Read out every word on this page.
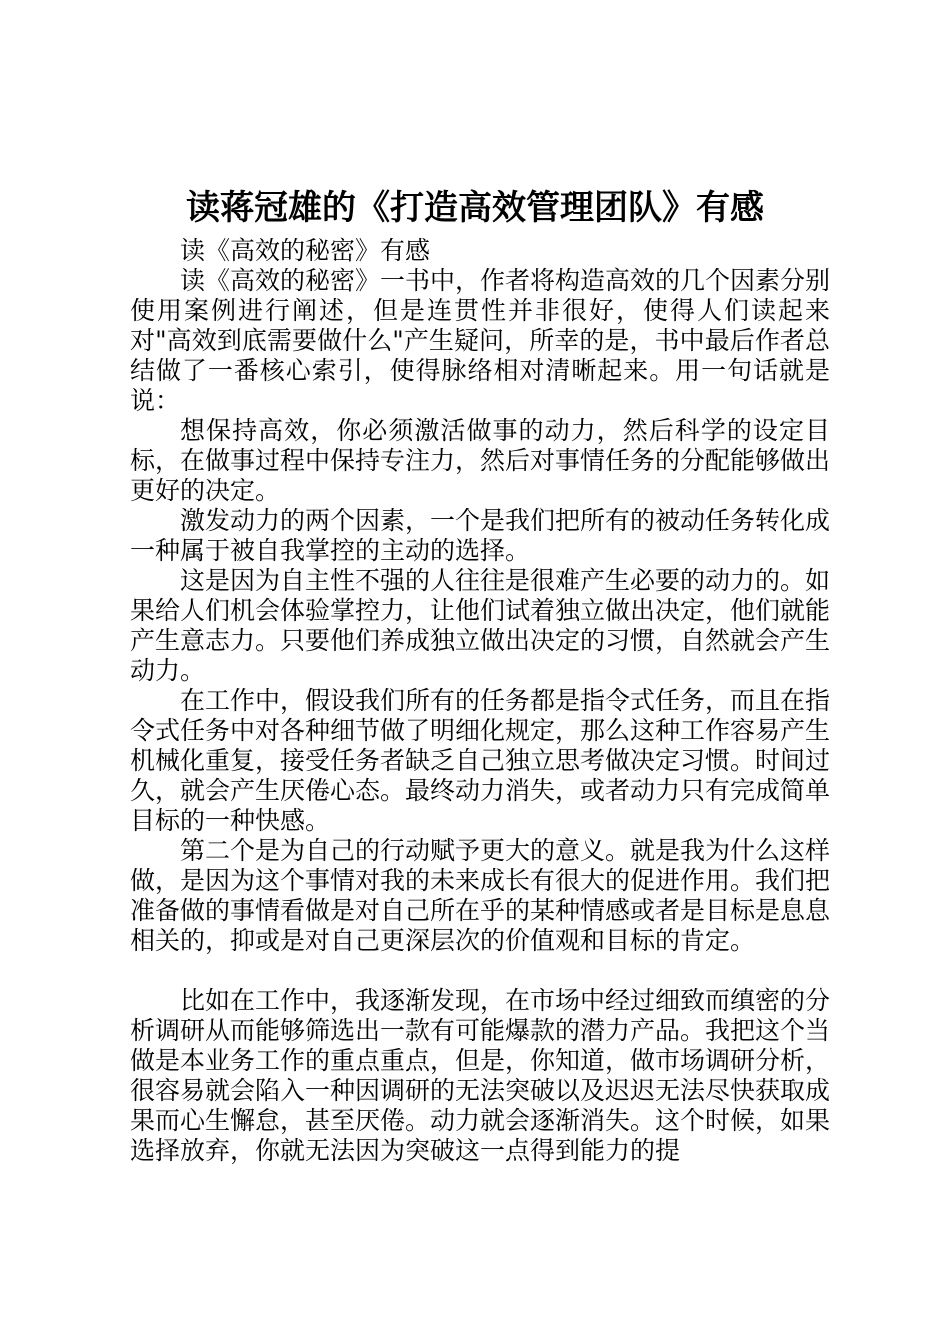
读蒋冠雄的《打造高效管理团队》有感

读《高效的秘密》有感

读《高效的秘密》一书中，作者将构造高效的几个因素分别使用案例进行阐述，但是连贯性并非很好，使得人们读起来对"高效到底需要做什么"产生疑问，所幸的是，书中最后作者总结做了一番核心索引，使得脉络相对清晰起来。用一句话就是说：

想保持高效，你必须激活做事的动力，然后科学的设定目标，在做事过程中保持专注力，然后对事情任务的分配能够做出更好的决定。

激发动力的两个因素，一个是我们把所有的被动任务转化成一种属于被自我掌控的主动的选择。

这是因为自主性不强的人往往是很难产生必要的动力的。如果给人们机会体验掌控力，让他们试着独立做出决定，他们就能产生意志力。只要他们养成独立做出决定的习惯，自然就会产生动力。

在工作中，假设我们所有的任务都是指令式任务，而且在指令式任务中对各种细节做了明细化规定，那么这种工作容易产生机械化重复，接受任务者缺乏自己独立思考做决定习惯。时间过久，就会产生厌倦心态。最终动力消失，或者动力只有完成简单目标的一种快感。

第二个是为自己的行动赋予更大的意义。就是我为什么这样做，是因为这个事情对我的未来成长有很大的促进作用。我们把准备做的事情看做是对自己所在乎的某种情感或者是目标是息息相关的，抑或是对自己更深层次的价值观和目标的肯定。

比如在工作中，我逐渐发现，在市场中经过细致而缜密的分析调研从而能够筛选出一款有可能爆款的潜力产品。我把这个当做是本业务工作的重点重点，但是，你知道，做市场调研分析，很容易就会陷入一种因调研的无法突破以及迟迟无法尽快获取成果而心生懈怠，甚至厌倦。动力就会逐渐消失。这个时候，如果选择放弃，你就无法因为突破这一点得到能力的提
